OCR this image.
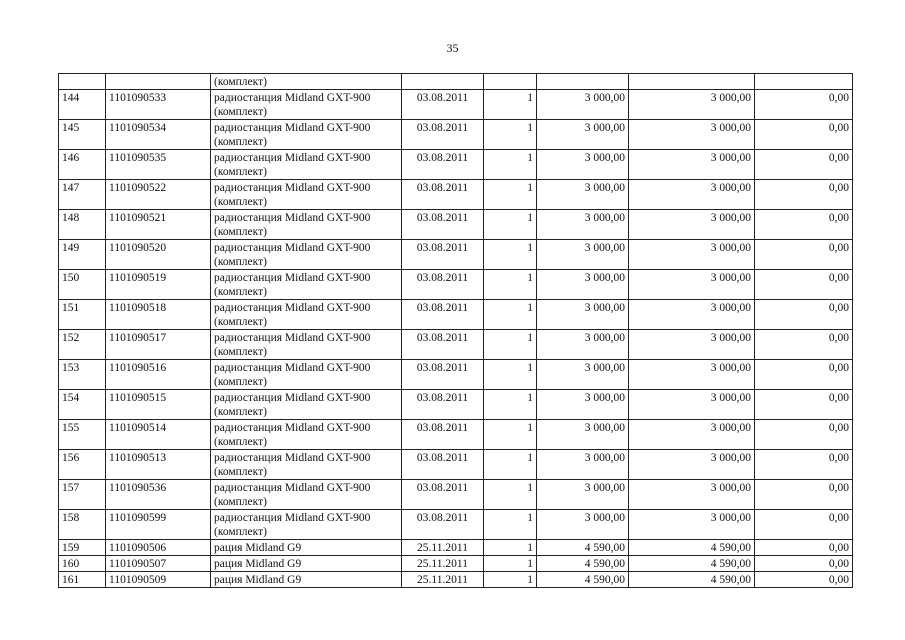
35
		(комплект)					
144	1101090533	радиостанция Midland GXT-900 (комплект)	03.08.2011	1	3 000,00	3 000,00	0,00
145	1101090534	радиостанция Midland GXT-900 (комплект)	03.08.2011	1	3 000,00	3 000,00	0,00
146	1101090535	радиостанция Midland GXT-900 (комплект)	03.08.2011	1	3 000,00	3 000,00	0,00
147	1101090522	радиостанция Midland GXT-900 (комплект)	03.08.2011	1	3 000,00	3 000,00	0,00
148	1101090521	радиостанция Midland GXT-900 (комплект)	03.08.2011	1	3 000,00	3 000,00	0,00
149	1101090520	радиостанция Midland GXT-900 (комплект)	03.08.2011	1	3 000,00	3 000,00	0,00
150	1101090519	радиостанция Midland GXT-900 (комплект)	03.08.2011	1	3 000,00	3 000,00	0,00
151	1101090518	радиостанция Midland GXT-900 (комплект)	03.08.2011	1	3 000,00	3 000,00	0,00
152	1101090517	радиостанция Midland GXT-900 (комплект)	03.08.2011	1	3 000,00	3 000,00	0,00
153	1101090516	радиостанция Midland GXT-900 (комплект)	03.08.2011	1	3 000,00	3 000,00	0,00
154	1101090515	радиостанция Midland GXT-900 (комплект)	03.08.2011	1	3 000,00	3 000,00	0,00
155	1101090514	радиостанция Midland GXT-900 (комплект)	03.08.2011	1	3 000,00	3 000,00	0,00
156	1101090513	радиостанция Midland GXT-900 (комплект)	03.08.2011	1	3 000,00	3 000,00	0,00
157	1101090536	радиостанция Midland GXT-900 (комплект)	03.08.2011	1	3 000,00	3 000,00	0,00
158	1101090599	радиостанция Midland GXT-900 (комплект)	03.08.2011	1	3 000,00	3 000,00	0,00
159	1101090506	рация Midland G9	25.11.2011	1	4 590,00	4 590,00	0,00
160	1101090507	рация Midland G9	25.11.2011	1	4 590,00	4 590,00	0,00
161	1101090509	рация Midland G9	25.11.2011	1	4 590,00	4 590,00	0,00
